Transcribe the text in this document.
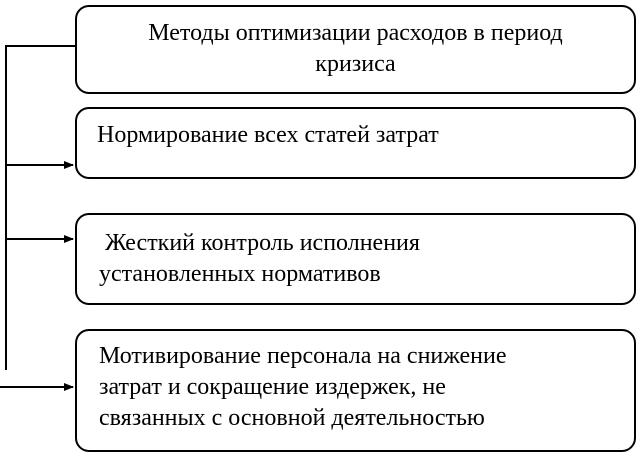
Методы оптимизации расходов в период
кризиса
Нормирование всех статей затрат
Жесткий контроль исполнения
установленных нормативов
Мотивирование персонала на снижение
затрат и сокращение издержек, не
связанных с основной деятельностью
